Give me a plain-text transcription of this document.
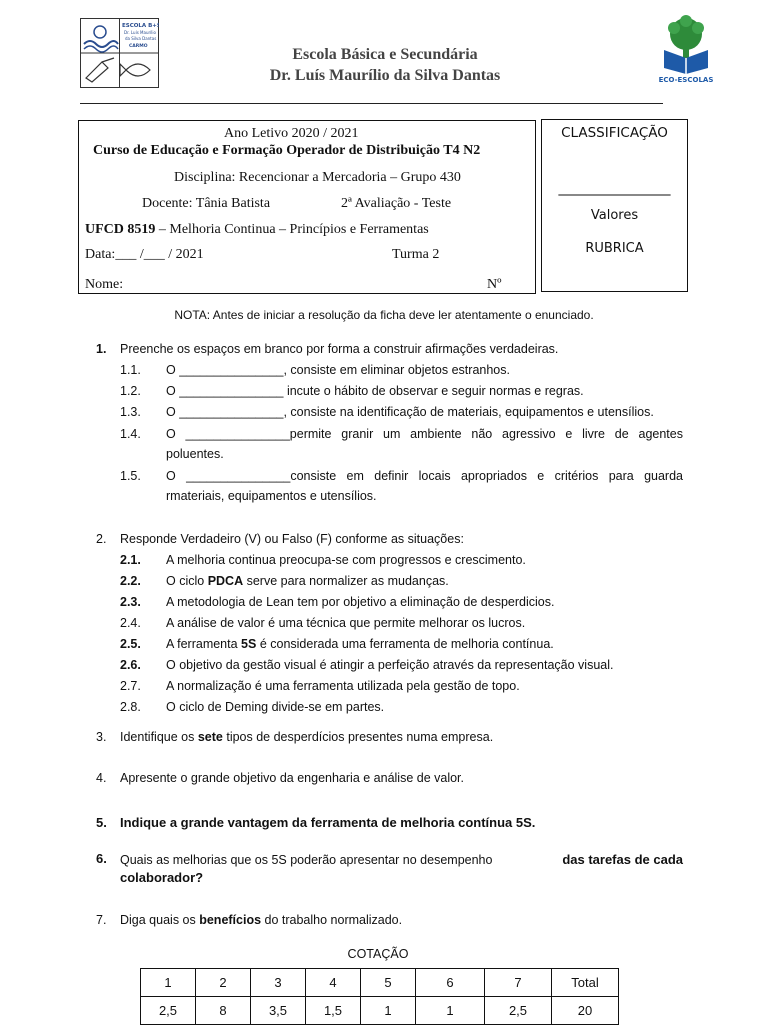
ESCOLA B+S
Dr. Luís Maurílio
da Silva Dantas
CARMO	Escola Básica e Secundária
Dr. Luís Maurílio da Silva Dantas	ECO-ESCOLAS
Ano Letivo 2020 / 2021
Curso de Educação e Formação Operador de Distribuição T4 N2
Disciplina: Recencionar a Mercadoria – Grupo 430
Docente: Tânia Batista	2ª Avaliação - Teste
UFCD 8519 – Melhoria Continua – Princípios e Ferramentas
Data:___ /___ / 2021	Turma 2
Nome:	Nº
CLASSIFICAÇÃO
________________
Valores
RUBRICA
NOTA: Antes de iniciar a resolução da ficha deve ler atentamente o enunciado.
1. Preenche os espaços em branco por forma a construir afirmações verdadeiras.
1.1. O _______________, consiste em eliminar objetos estranhos.
1.2. O _______________ incute o hábito de observar e seguir normas e regras.
1.3. O _______________, consiste na identificação de materiais, equipamentos e utensílios.
1.4. O _______________permite granir um ambiente não agressivo e livre de agentes
poluentes.
1.5. O _______________consiste em definir locais apropriados e critérios para guarda
rmateriais, equipamentos e utensílios.
2. Responde Verdadeiro (V) ou Falso (F) conforme as situações:
2.1. A melhoria continua preocupa-se com progressos e crescimento.
2.2. O ciclo PDCA serve para normalizer as mudanças.
2.3. A metodologia de Lean tem por objetivo a eliminação de desperdicios.
2.4. A análise de valor é uma técnica que permite melhorar os lucros.
2.5. A ferramenta 5S é considerada uma ferramenta de melhoria contínua.
2.6. O objetivo da gestão visual é atingir a perfeição através da representação visual.
2.7. A normalização é uma ferramenta utilizada pela gestão de topo.
2.8. O ciclo de Deming divide-se em partes.
3. Identifique os sete tipos de desperdícios presentes numa empresa.
4. Apresente o grande objetivo da engenharia e análise de valor.
5. Indique a grande vantagem da ferramenta de melhoria contínua 5S.
6. Quais as melhorias que os 5S poderão apresentar no desempenho	das tarefas de cada
colaborador?
7. Diga quais os benefícios do trabalho normalizado.
COTAÇÃO
1	2	3	4	5	6	7	Total
2,5	8	3,5	1,5	1	1	2,5	20
